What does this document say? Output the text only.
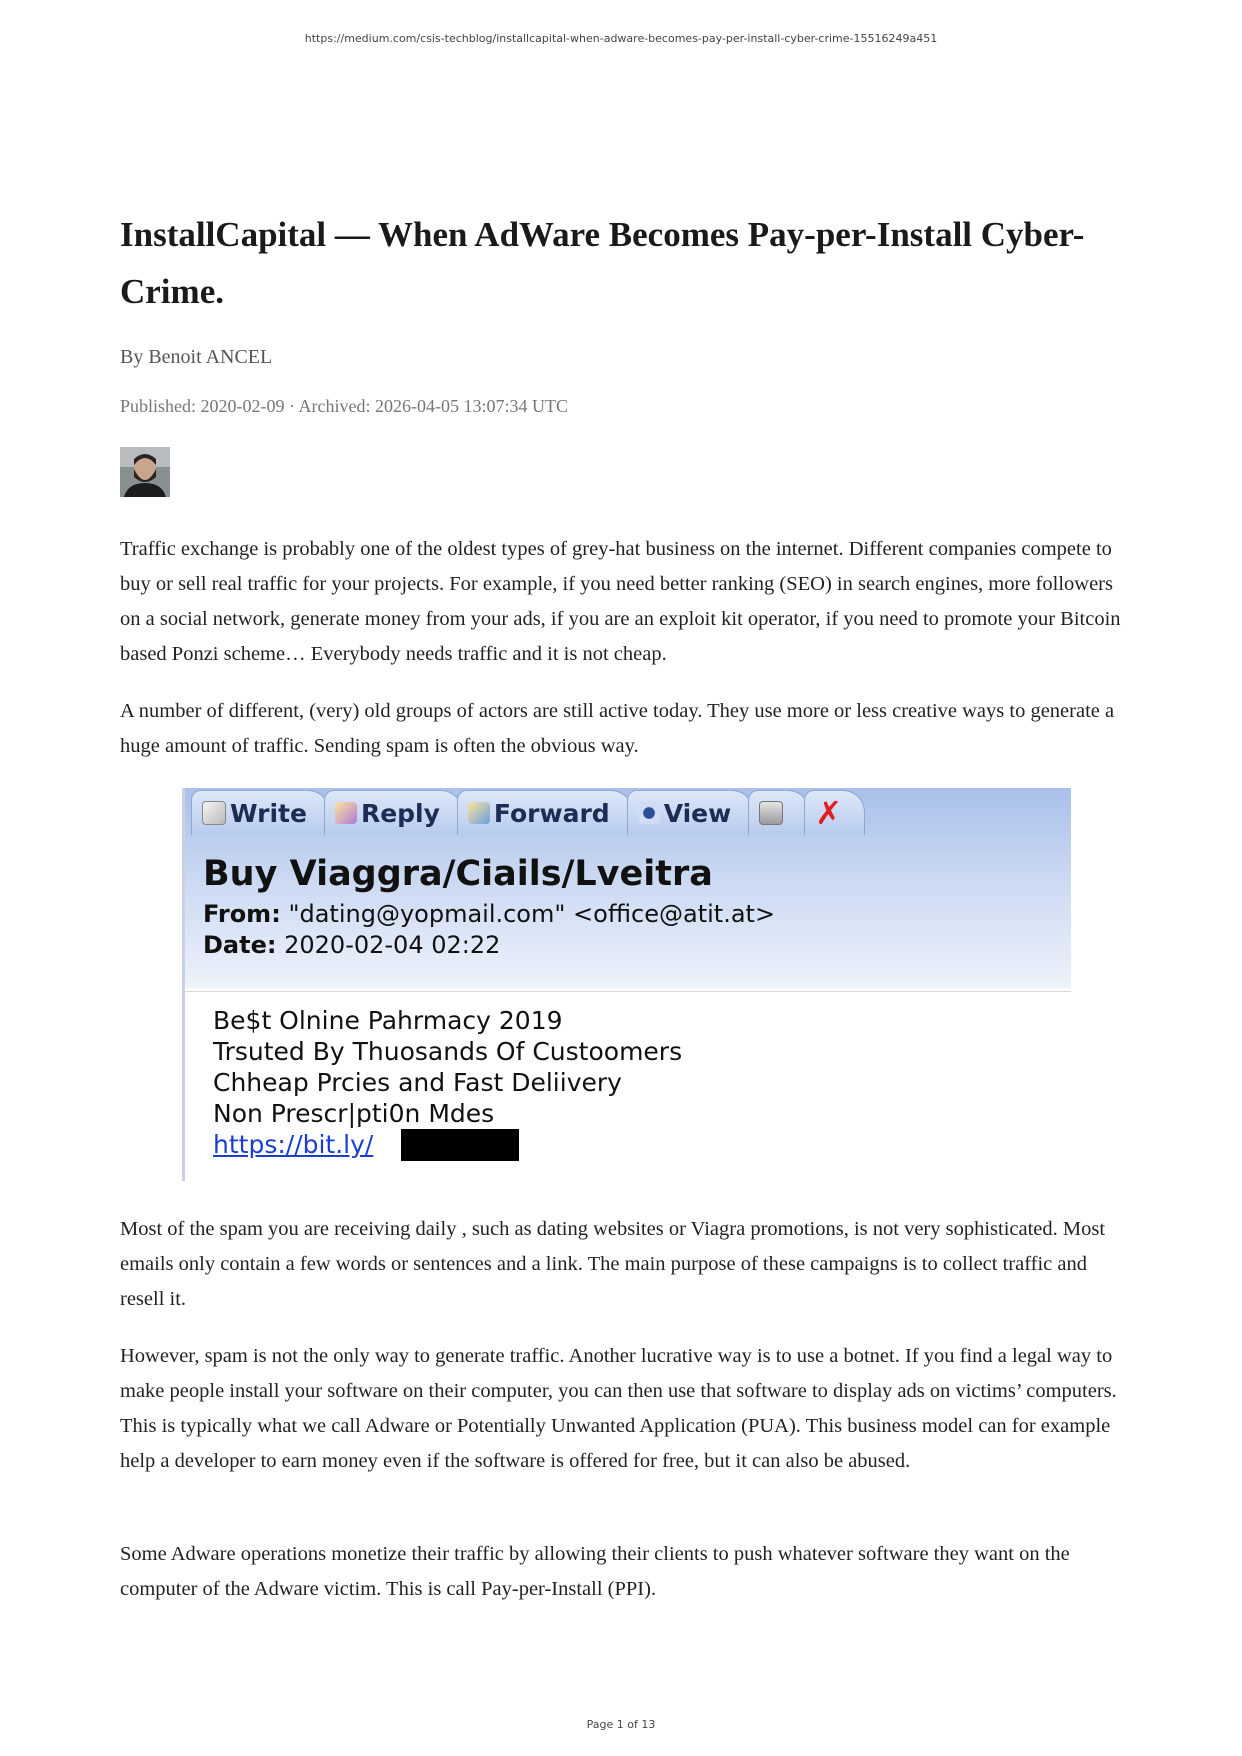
https://medium.com/csis-techblog/installcapital-when-adware-becomes-pay-per-install-cyber-crime-15516249a451
InstallCapital — When AdWare Becomes Pay-per-Install Cyber-Crime.

By Benoit ANCEL

Published: 2020-02-09 · Archived: 2026-04-05 13:07:34 UTC

Traffic exchange is probably one of the oldest types of grey-hat business on the internet. Different companies compete to buy or sell real traffic for your projects. For example, if you need better ranking (SEO) in search engines, more followers on a social network, generate money from your ads, if you are an exploit kit operator, if you need to promote your Bitcoin based Ponzi scheme… Everybody needs traffic and it is not cheap.

A number of different, (very) old groups of actors are still active today. They use more or less creative ways to generate a huge amount of traffic. Sending spam is often the obvious way.

Write Reply Forward View	✗

Buy Viaggra/Ciails/Lveitra

From: "dating@yopmail.com" <office@atit.at>

Date: 2020-02-04 02:22

Be$t Olnine Pahrmacy 2019
Trsuted By Thuosands Of Custoomers
Chheap Prcies and Fast Deliivery
Non Prescr|pti0n Mdes
https://bit.ly/

Most of the spam you are receiving daily , such as dating websites or Viagra promotions, is not very sophisticated. Most emails only contain a few words or sentences and a link. The main purpose of these campaigns is to collect traffic and resell it.

However, spam is not the only way to generate traffic. Another lucrative way is to use a botnet. If you find a legal way to make people install your software on their computer, you can then use that software to display ads on victims’ computers. This is typically what we call Adware or Potentially Unwanted Application (PUA). This business model can for example help a developer to earn money even if the software is offered for free, but it can also be abused.

Some Adware operations monetize their traffic by allowing their clients to push whatever software they want on the computer of the Adware victim. This is call Pay-per-Install (PPI).

Page 1 of 13
